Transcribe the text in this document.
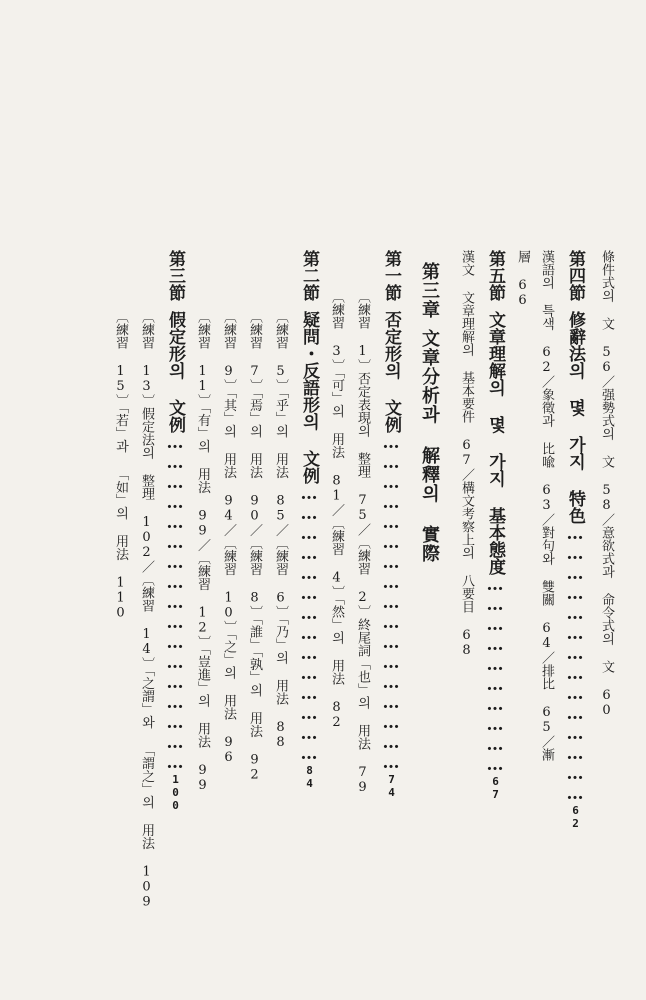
條件式의 文 56／强勢式의 文 58／意欲式과 命令式의 文 60
第四節修辭法의 몇 가지 特色……………………………………62
漢語의 특색 62／象徵과 比喩 63／對句와 雙關 64／排比 65／漸
層 66
第五節文章理解의 몇 가지 基本態度…………………………67
漢文 文章理解의 基本要件 67／構文考察上의 八要目 68
第三章文章分析과 解釋의 實際
第一節否定形의 文例……………………………………………74
〔練習 1〕否定表現의 整理 75／〔練習 2〕終尾詞「也」의 用法 79
〔練習 3〕「可」의 用法 81／〔練習 4〕「然」의 用法 82
第二節疑問・反語形의 文例……………………………………84
〔練習 5〕「乎」의 用法 85／〔練習 6〕「乃」의 用法 88
〔練習 7〕「焉」의 用法 90／〔練習 8〕「誰」「孰」의 用法 92
〔練習 9〕「其」의 用法 94／〔練習 10〕「之」의 用法 96
〔練習 11〕「有」의 用法 99／〔練習 12〕「豈進」의 用法 99
第三節假定形의 文例……………………………………………100
〔練習 13〕假定法의 整理 102／〔練習 14〕「之謂」와 「謂之」의 用法 109
〔練習 15〕「若」과 「如」의 用法 110
